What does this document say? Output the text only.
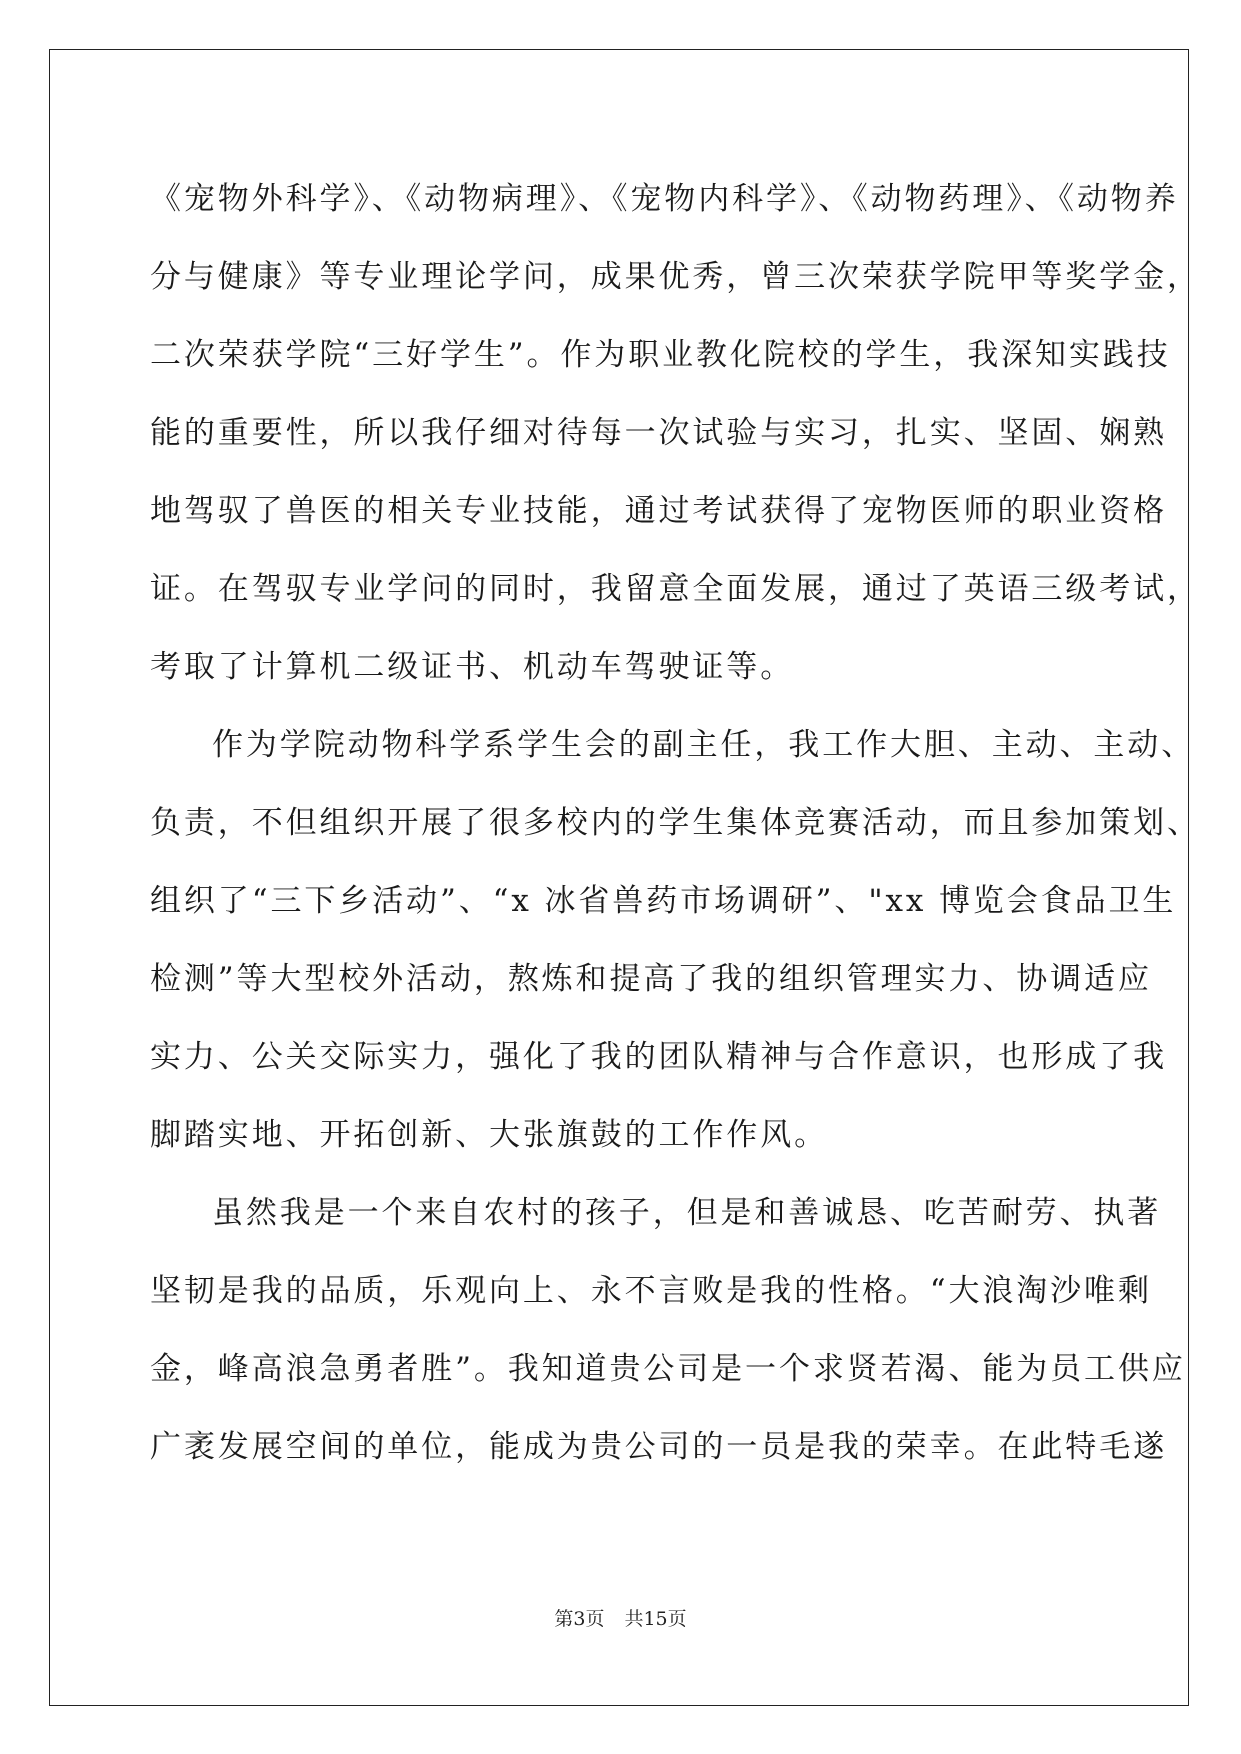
《宠物外科学》、《动物病理》、《宠物内科学》、《动物药理》、《动物养
分与健康》等专业理论学问，成果优秀，曾三次荣获学院甲等奖学金，
二次荣获学院“三好学生”。作为职业教化院校的学生，我深知实践技
能的重要性，所以我仔细对待每一次试验与实习，扎实、坚固、娴熟
地驾驭了兽医的相关专业技能，通过考试获得了宠物医师的职业资格
证。在驾驭专业学问的同时，我留意全面发展，通过了英语三级考试，
考取了计算机二级证书、机动车驾驶证等。
作为学院动物科学系学生会的副主任，我工作大胆、主动、主动、
负责，不但组织开展了很多校内的学生集体竞赛活动，而且参加策划、
组织了“三下乡活动”、“x 冰省兽药市场调研”、"xx 博览会食品卫生
检测”等大型校外活动，熬炼和提高了我的组织管理实力、协调适应
实力、公关交际实力，强化了我的团队精神与合作意识，也形成了我
脚踏实地、开拓创新、大张旗鼓的工作作风。
虽然我是一个来自农村的孩子，但是和善诚恳、吃苦耐劳、执著
坚韧是我的品质，乐观向上、永不言败是我的性格。“大浪淘沙唯剩
金，峰高浪急勇者胜”。我知道贵公司是一个求贤若渴、能为员工供应
广袤发展空间的单位，能成为贵公司的一员是我的荣幸。在此特毛遂
第3页 共15页
